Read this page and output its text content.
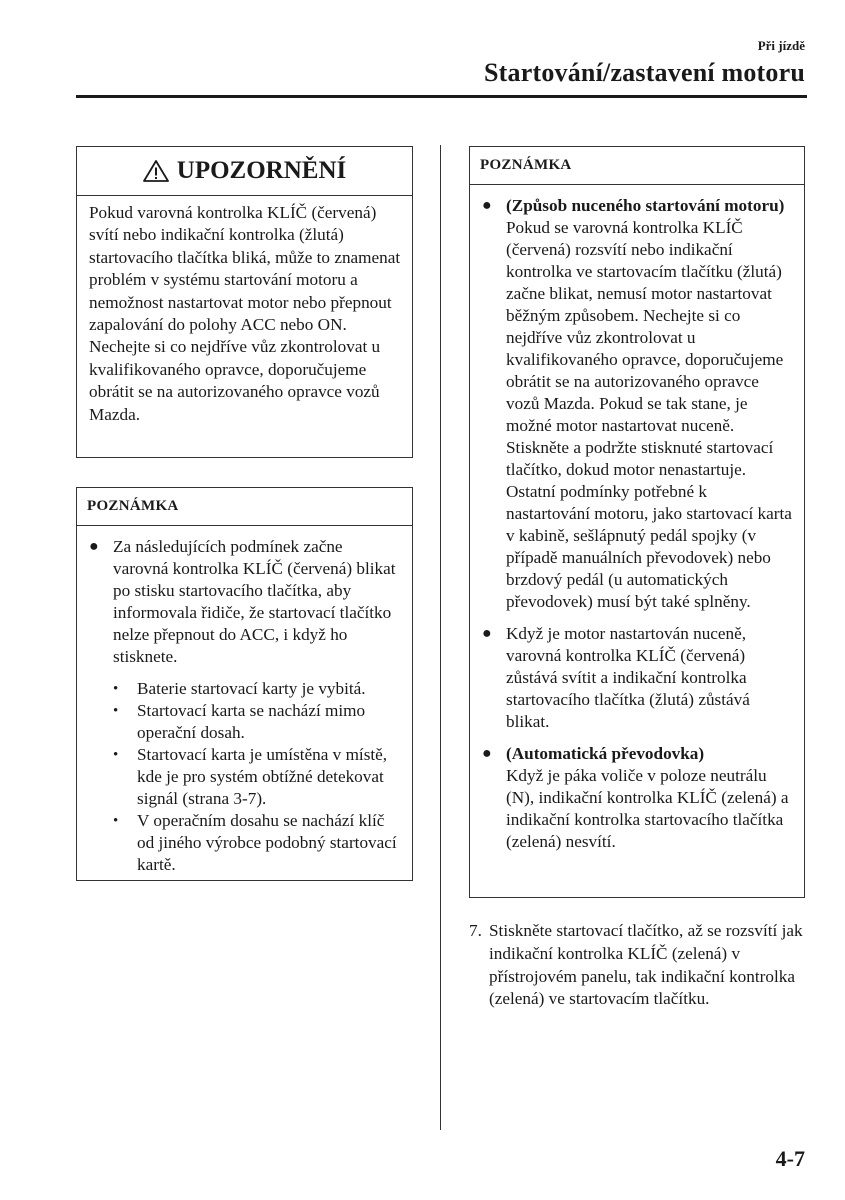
Při jízdě
Startování/zastavení motoru
UPOZORNĚNÍ
Pokud varovná kontrolka KLÍČ (červená) svítí nebo indikační kontrolka (žlutá) startovacího tlačítka bliká, může to znamenat problém v systému startování motoru a nemožnost nastartovat motor nebo přepnout zapalování do polohy ACC nebo ON. Nechejte si co nejdříve vůz zkontrolovat u kvalifikovaného opravce, doporučujeme obrátit se na autorizovaného opravce vozů Mazda.
POZNÁMKA
● Za následujících podmínek začne varovná kontrolka KLÍČ (červená) blikat po stisku startovacího tlačítka, aby informovala řidiče, že startovací tlačítko nelze přepnout do ACC, i když ho stisknete.
•	Baterie startovací karty je vybitá.
•	Startovací karta se nachází mimo operační dosah.
•	Startovací karta je umístěna v místě, kde je pro systém obtížné detekovat signál (strana 3-7).
•	V operačním dosahu se nachází klíč od jiného výrobce podobný startovací kartě.
POZNÁMKA
● (Způsob nuceného startování motoru)
Pokud se varovná kontrolka KLÍČ (červená) rozsvítí nebo indikační kontrolka ve startovacím tlačítku (žlutá) začne blikat, nemusí motor nastartovat běžným způsobem. Nechejte si co nejdříve vůz zkontrolovat u kvalifikovaného opravce, doporučujeme obrátit se na autorizovaného opravce vozů Mazda. Pokud se tak stane, je možné motor nastartovat nuceně. Stiskněte a podržte stisknuté startovací tlačítko, dokud motor nenastartuje. Ostatní podmínky potřebné k nastartování motoru, jako startovací karta v kabině, sešlápnutý pedál spojky (v případě manuálních převodovek) nebo brzdový pedál (u automatických převodovek) musí být také splněny.
● Když je motor nastartován nuceně, varovná kontrolka KLÍČ (červená) zůstává svítit a indikační kontrolka startovacího tlačítka (žlutá) zůstává blikat.
● (Automatická převodovka)
Když je páka voliče v poloze neutrálu (N), indikační kontrolka KLÍČ (zelená) a indikační kontrolka startovacího tlačítka (zelená) nesvítí.
7. Stiskněte startovací tlačítko, až se rozsvítí jak indikační kontrolka KLÍČ (zelená) v přístrojovém panelu, tak indikační kontrolka (zelená) ve startovacím tlačítku.
4-7
